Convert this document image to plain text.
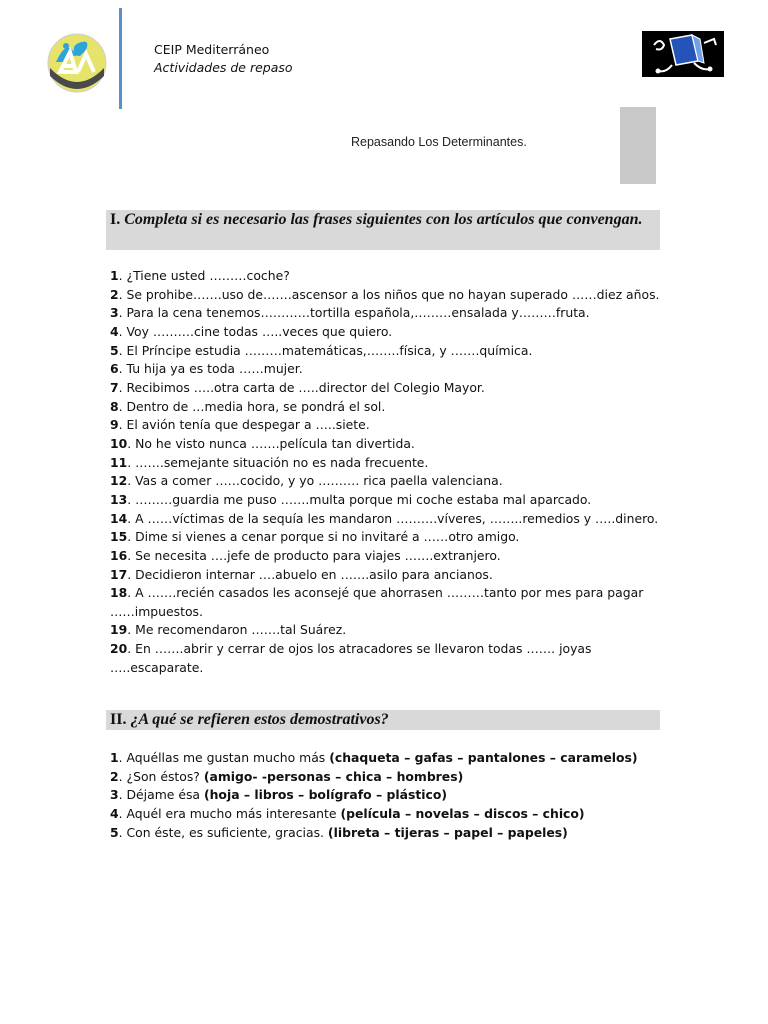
CEIP Mediterráneo
Actividades de repaso
Repasando Los Determinantes.
I. Completa si es necesario las frases siguientes con los artículos que convengan.
1. ¿Tiene usted ………coche?
2. Se prohibe…….uso de…….ascensor a los niños que no hayan superado ……diez años.
3. Para la cena tenemos…………tortilla española,………ensalada y………fruta.
4. Voy ……….cine todas …..veces que quiero.
5. El Príncipe estudia ………matemáticas,……..física, y …….química.
6. Tu hija ya es toda ……mujer.
7. Recibimos …..otra carta de …..director del Colegio Mayor.
8. Dentro de …media hora, se pondrá el sol.
9. El avión tenía que despegar a …..siete.
10. No he visto nunca …….película tan divertida.
11. …….semejante situación no es nada frecuente.
12. Vas a comer ……cocido, y yo ………. rica paella valenciana.
13. ………guardia me puso …….multa porque mi coche estaba mal aparcado.
14. A ……víctimas de la sequía les mandaron ……….víveres, ……..remedios y …..dinero.
15. Dime si vienes a cenar porque si no invitaré a ……otro amigo.
16. Se necesita ….jefe de producto para viajes …….extranjero.
17. Decidieron internar ….abuelo en …….asilo para ancianos.
18. A …….recién casados les aconsejé que ahorrasen ………tanto por mes para pagar ……impuestos.
19. Me recomendaron …….tal Suárez.
20. En …….abrir y cerrar de ojos los atracadores se llevaron todas ……. joyas …..escaparate.
II. ¿A qué se refieren estos demostrativos?
1. Aquéllas me gustan mucho más (chaqueta – gafas – pantalones – caramelos)
2. ¿Son éstos? (amigo- -personas – chica – hombres)
3. Déjame ésa (hoja – libros – bolígrafo – plástico)
4. Aquél era mucho más interesante (película – novelas – discos – chico)
5. Con éste, es suficiente, gracias. (libreta – tijeras – papel – papeles)
